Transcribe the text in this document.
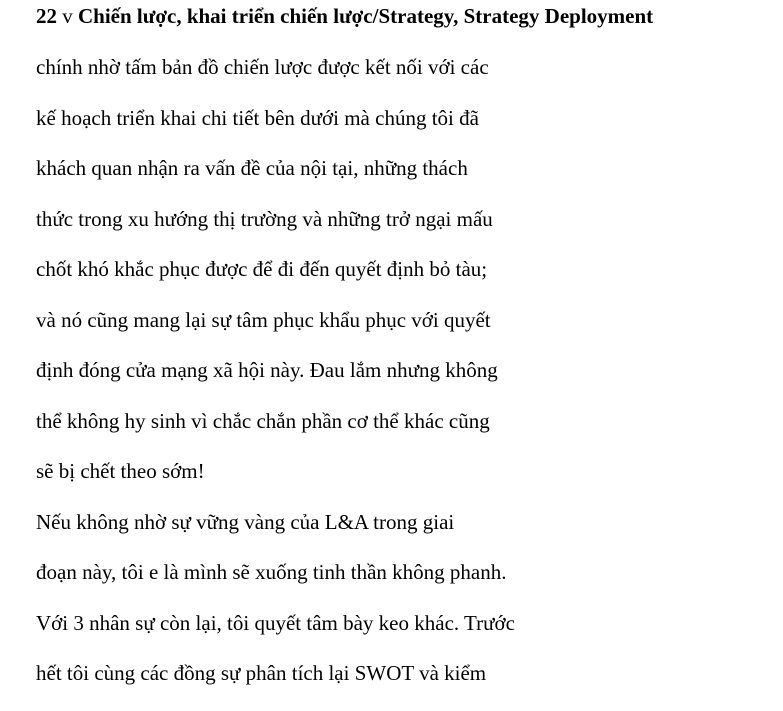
22 v Chiến lược, khai triển chiến lược/Strategy, Strategy Deployment
chính nhờ tấm bản đồ chiến lược được kết nối với các
kế hoạch triển khai chi tiết bên dưới mà chúng tôi đã
khách quan nhận ra vấn đề của nội tại, những thách
thức trong xu hướng thị trường và những trở ngại mấu
chốt khó khắc phục được để đi đến quyết định bỏ tàu;
và nó cũng mang lại sự tâm phục khẩu phục với quyết
định đóng cửa mạng xã hội này. Đau lắm nhưng không
thể không hy sinh vì chắc chắn phần cơ thể khác cũng
sẽ bị chết theo sớm!
Nếu không nhờ sự vững vàng của L&A trong giai
đoạn này, tôi e là mình sẽ xuống tinh thần không phanh.
Với 3 nhân sự còn lại, tôi quyết tâm bày keo khác. Trước
hết tôi cùng các đồng sự phân tích lại SWOT và kiểm
